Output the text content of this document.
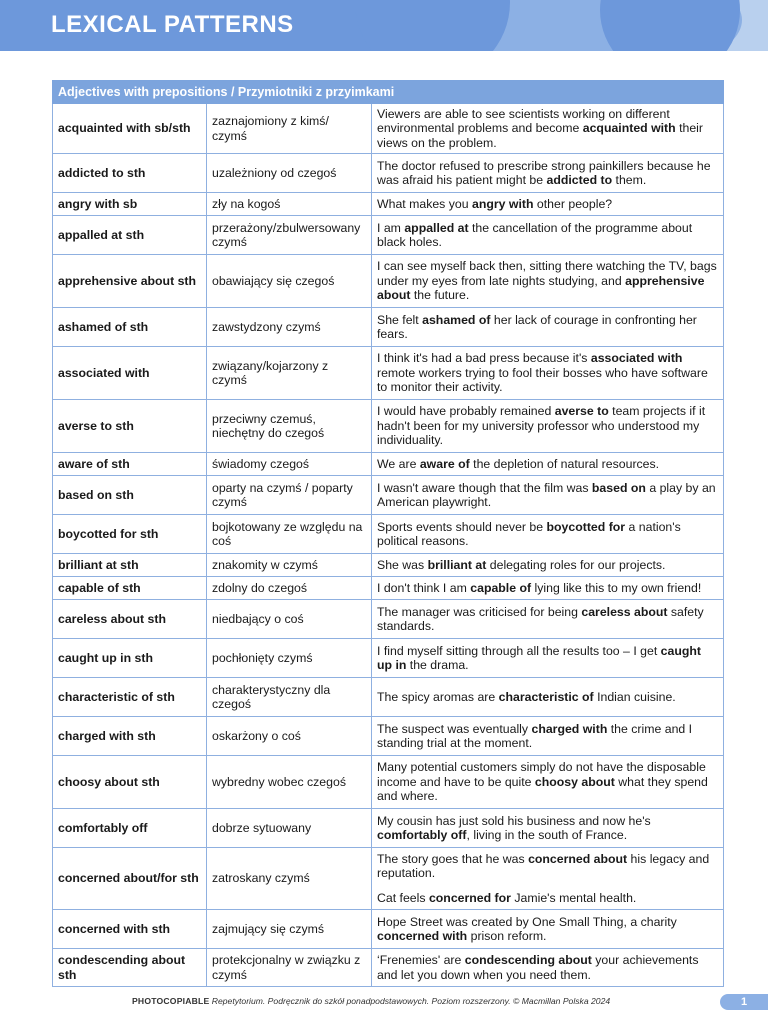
LEXICAL PATTERNS
Adjectives with prepositions / Przymiotniki z przyimkami		
acquainted with sb/sth	zaznajomiony z kimś/ czymś	Viewers are able to see scientists working on different environmental problems and become acquainted with their views on the problem.

addicted to sth	uzależniony od czegoś	The doctor refused to prescribe strong painkillers because he was afraid his patient might be addicted to them.

angry with sb	zły na kogoś	What makes you angry with other people?

appalled at sth	przerażony/zbulwersowany czymś	I am appalled at the cancellation of the programme about black holes.

apprehensive about sth	obawiający się czegoś	I can see myself back then, sitting there watching the TV, bags under my eyes from late nights studying, and apprehensive about the future.

ashamed of sth	zawstydzony czymś	She felt ashamed of her lack of courage in confronting her fears.

associated with	związany/kojarzony z czymś	I think it's had a bad press because it's associated with remote workers trying to fool their bosses who have software to monitor their activity.

averse to sth	przeciwny czemuś, niechętny do czegoś	I would have probably remained averse to team projects if it hadn't been for my university professor who understood my individuality.

aware of sth	świadomy czegoś	We are aware of the depletion of natural resources.

based on sth	oparty na czymś / poparty czymś	I wasn't aware though that the film was based on a play by an American playwright.

boycotted for sth	bojkotowany ze względu na coś	Sports events should never be boycotted for a nation's political reasons.

brilliant at sth	znakomity w czymś	She was brilliant at delegating roles for our projects.

capable of sth	zdolny do czegoś	I don't think I am capable of lying like this to my own friend!

careless about sth	niedbający o coś	The manager was criticised for being careless about safety standards.

caught up in sth	pochłonięty czymś	I find myself sitting through all the results too – I get caught up in the drama.

characteristic of sth	charakterystyczny dla czegoś	The spicy aromas are characteristic of Indian cuisine.

charged with sth	oskarżony o coś	The suspect was eventually charged with the crime and I standing trial at the moment.

choosy about sth	wybredny wobec czegoś	Many potential customers simply do not have the disposable income and have to be quite choosy about what they spend and where.

comfortably off	dobrze sytuowany	My cousin has just sold his business and now he's comfortably off, living in the south of France.

concerned about/for sth	zatroskany czymś	The story goes that he was concerned about his legacy and reputation.

Cat feels concerned for Jamie's mental health.

concerned with sth	zajmujący się czymś	Hope Street was created by One Small Thing, a charity concerned with prison reform.

condescending about sth	protekcjonalny w związku z czymś	‘Frenemies' are condescending about your achievements and let you down when you need them.

PHOTOCOPIABLE Repetytorium. Podręcznik do szkół ponadpodstawowych. Poziom rozszerzony. © Macmillan Polska 2024	1
